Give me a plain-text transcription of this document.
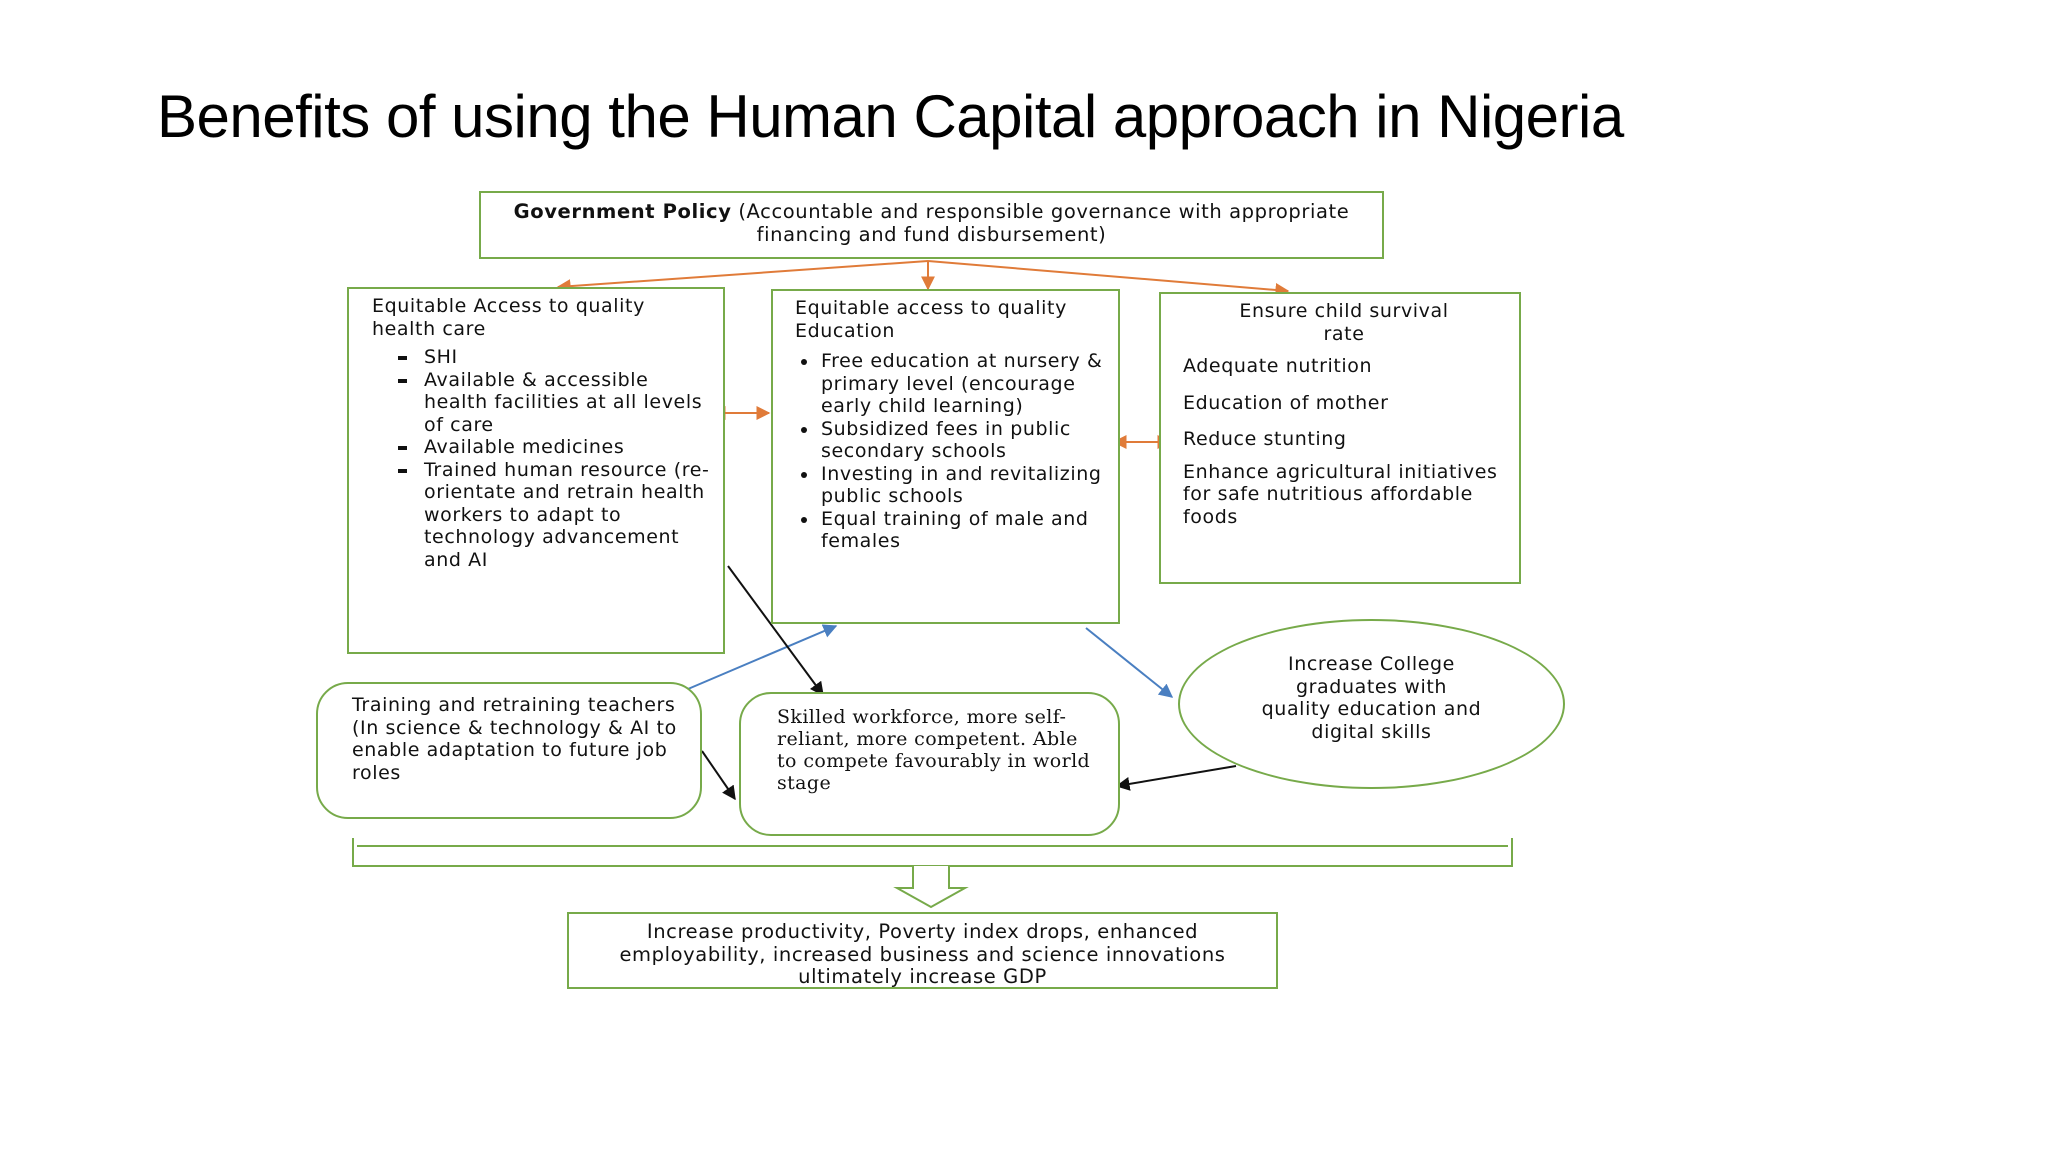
Benefits of using the Human Capital approach in Nigeria
Government Policy (Accountable and responsible governance with appropriate financing and fund disbursement)
Equitable Access to quality health care
SHI
Available & accessible health facilities at all levels of care
Available medicines
Trained human resource (re-orientate and retrain health workers to adapt to technology advancement and AI
Equitable access to quality Education
Free education at nursery & primary level (encourage early child learning)
Subsidized fees in public secondary schools
Investing in and revitalizing public schools
Equal training of male and females
Ensure child survival rate
Adequate nutrition
Education of mother
Reduce stunting
Enhance agricultural initiatives for safe nutritious affordable foods
Training and retraining teachers (In science & technology & AI to enable adaptation to future job roles
Skilled workforce, more self- reliant, more competent. Able to compete favourably in world stage
Increase College graduates with quality education and digital skills
Increase productivity, Poverty index drops, enhanced employability, increased business and science innovations ultimately increase GDP
